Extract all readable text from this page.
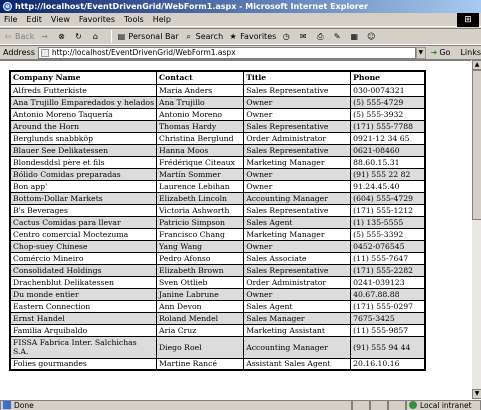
e http://localhost/EventDrivenGrid/WebForm1.aspx - Microsoft Internet Explorer
File Edit View Favorites Tools Help	⊞
⇦ Back → ⊗ ↻	⌂	▤ Personal Bar ⌕ Search ★ Favorites ◷ ✉ ⎙ ✎ ▦ ☺
Address http://localhost/EventDrivenGrid/WebForm1.aspx	▼ ➜ Go Links
Company Name	Contact	Title	Phone
Alfreds Futterkiste	Maria Anders	Sales Representative	030-0074321
Ana Trujillo Emparedados y helados	Ana Trujillo	Owner	(5) 555-4729
Antonio Moreno Taquería	Antonio Moreno	Owner	(5) 555-3932
Around the Horn	Thomas Hardy	Sales Representative	(171) 555-7788
Berglunds snabbköp	Christina Berglund	Order Administrator	0921-12 34 65
Blauer See Delikatessen	Hanna Moos	Sales Representative	0621-08460
Blondesddsl père et fils	Frédérique Citeaux	Marketing Manager	88.60.15.31
Bólido Comidas preparadas	Martín Sommer	Owner	(91) 555 22 82
Bon app'	Laurence Lebihan	Owner	91.24.45.40
Bottom-Dollar Markets	Elizabeth Lincoln	Accounting Manager	(604) 555-4729
B's Beverages	Victoria Ashworth	Sales Representative	(171) 555-1212
Cactus Comidas para llevar	Patricio Simpson	Sales Agent	(1) 135-5555
Centro comercial Moctezuma	Francisco Chang	Marketing Manager	(5) 555-3392
Chop-suey Chinese	Yang Wang	Owner	0452-076545
Comércio Mineiro	Pedro Afonso	Sales Associate	(11) 555-7647
Consolidated Holdings	Elizabeth Brown	Sales Representative	(171) 555-2282
Drachenblut Delikatessen	Sven Ottlieb	Order Administrator	0241-039123
Du monde entier	Janine Labrune	Owner	40.67.88.88
Eastern Connection	Ann Devon	Sales Agent	(171) 555-0297
Ernst Handel	Roland Mendel	Sales Manager	7675-3425
Familia Arquibaldo	Aria Cruz	Marketing Assistant	(11) 555-9857
FISSA Fabrica Inter. Salchichas S.A.	Diego Roel	Accounting Manager	(91) 555 94 44
Folies gourmandes	Martine Rancé	Assistant Sales Agent	20.16.10.16
▲
▼
Done	Local intranet
